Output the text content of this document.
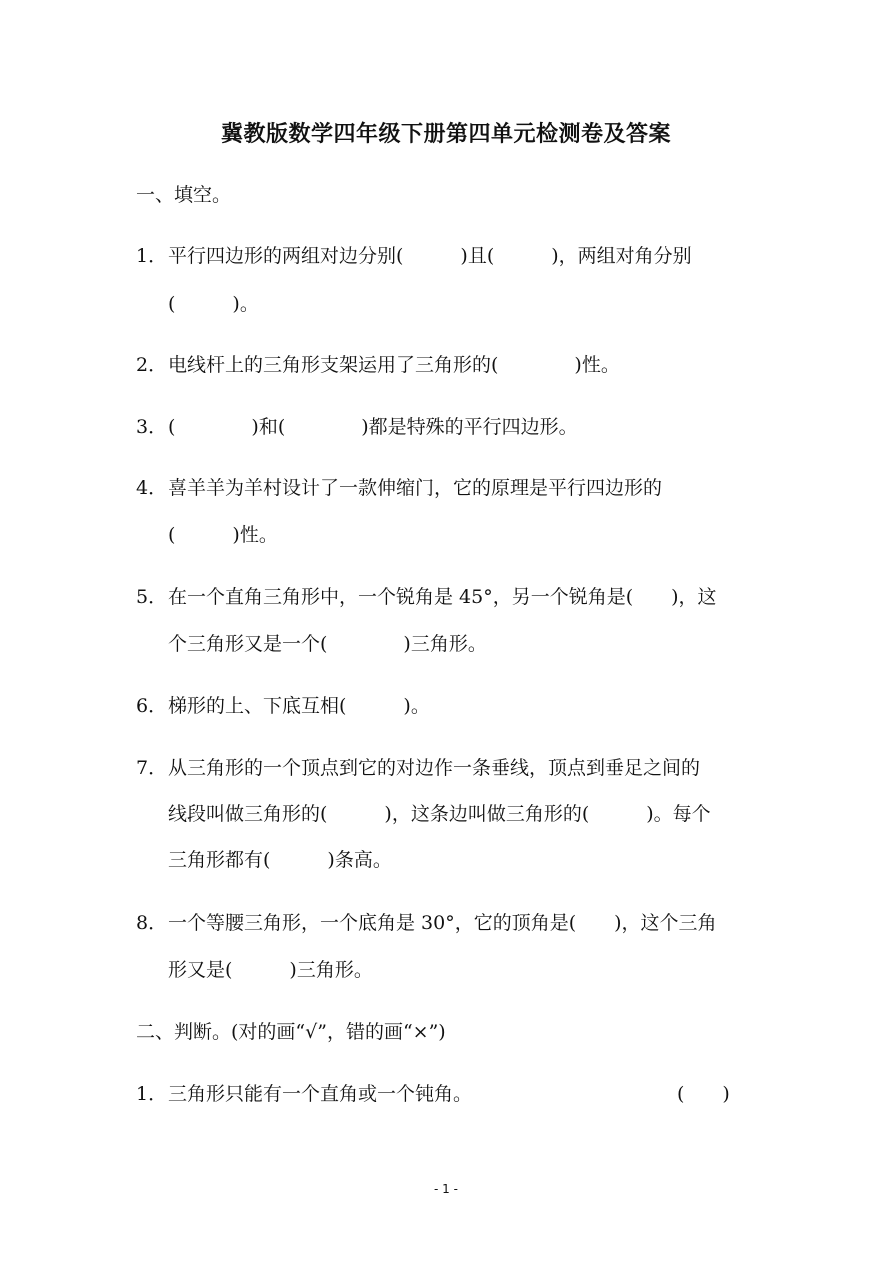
冀教版数学四年级下册第四单元检测卷及答案
一、填空。
1．平行四边形的两组对边分别(　　　)且(　　　)，两组对角分别
(　　　)。
2．电线杆上的三角形支架运用了三角形的(　　　　)性。
3．(　　　　)和(　　　　)都是特殊的平行四边形。
4．喜羊羊为羊村设计了一款伸缩门，它的原理是平行四边形的
(　　　)性。
5．在一个直角三角形中，一个锐角是 45°，另一个锐角是(　　)，这
个三角形又是一个(　　　　)三角形。
6．梯形的上、下底互相(　　　)。
7．从三角形的一个顶点到它的对边作一条垂线，顶点到垂足之间的
线段叫做三角形的(　　　)，这条边叫做三角形的(　　　)。每个
三角形都有(　　　)条高。
8．一个等腰三角形，一个底角是 30°，它的顶角是(　　)，这个三角
形又是(　　　)三角形。
二、判断。(对的画“√”，错的画“×”)
1．三角形只能有一个直角或一个钝角。	(　　)
- 1 -
